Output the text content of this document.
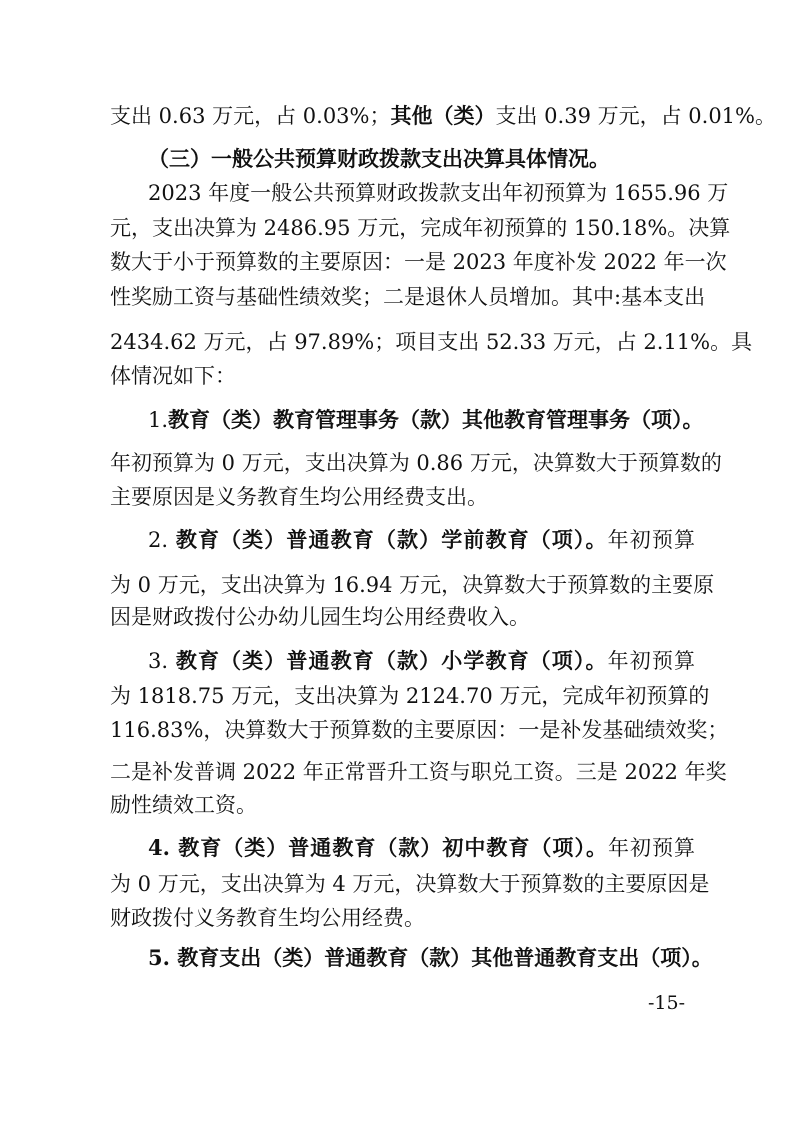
支出 0.63 万元，占 0.03%；其他（类）支出 0.39 万元，占 0.01%。
（三）一般公共预算财政拨款支出决算具体情况。
2023 年度一般公共预算财政拨款支出年初预算为 1655.96 万
元，支出决算为 2486.95 万元，完成年初预算的 150.18%。决算
数大于小于预算数的主要原因：一是 2023 年度补发 2022 年一次
性奖励工资与基础性绩效奖；二是退休人员增加。其中:基本支出
2434.62 万元，占 97.89%；项目支出 52.33 万元，占 2.11%。具
体情况如下：
1.教育（类）教育管理事务（款）其他教育管理事务（项）。
年初预算为 0 万元，支出决算为 0.86 万元，决算数大于预算数的
主要原因是义务教育生均公用经费支出。
2. 教育（类）普通教育（款）学前教育（项）。年初预算
为 0 万元，支出决算为 16.94 万元，决算数大于预算数的主要原
因是财政拨付公办幼儿园生均公用经费收入。
3. 教育（类）普通教育（款）小学教育（项）。年初预算
为 1818.75 万元，支出决算为 2124.70 万元，完成年初预算的
116.83%，决算数大于预算数的主要原因：一是补发基础绩效奖；
二是补发普调 2022 年正常晋升工资与职兑工资。三是 2022 年奖
励性绩效工资。
4. 教育（类）普通教育（款）初中教育（项）。年初预算
为 0 万元，支出决算为 4 万元，决算数大于预算数的主要原因是
财政拨付义务教育生均公用经费。
5. 教育支出（类）普通教育（款）其他普通教育支出（项）。
-15-
